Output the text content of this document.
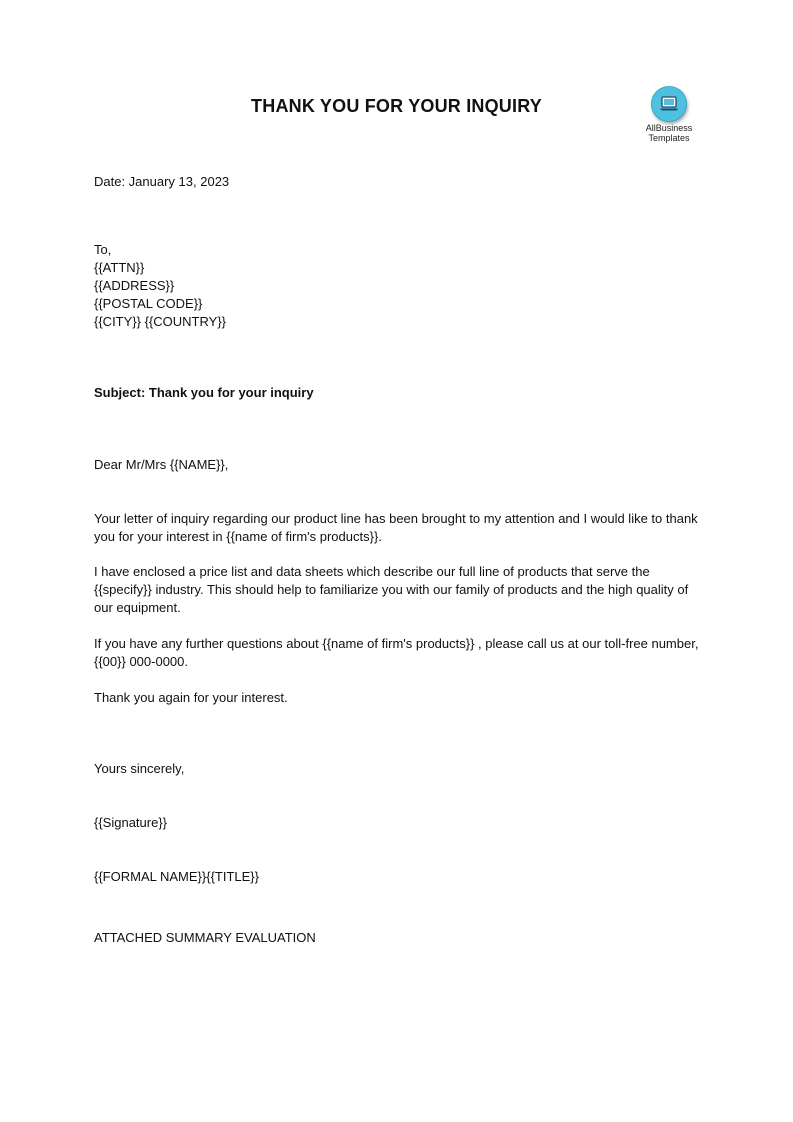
THANK YOU FOR YOUR INQUIRY
AllBusiness
Templates

Date: January 13, 2023

To,

{{ATTN}}

{{ADDRESS}}

{{POSTAL CODE}}

{{CITY}} {{COUNTRY}}

Subject: Thank you for your inquiry

Dear Mr/Mrs {{NAME}},

Your letter of inquiry regarding our product line has been brought to my attention and I would like to thank you for your interest in {{name of firm's products}}.

I have enclosed a price list and data sheets which describe our full line of products that serve the {{specify}} industry. This should help to familiarize you with our family of products and the high quality of our equipment.

If you have any further questions about {{name of firm's products}} , please call us at our toll-free number, {{00}} 000-0000.

Thank you again for your interest.

Yours sincerely,

{{Signature}}

{{FORMAL NAME}}{{TITLE}}

ATTACHED SUMMARY EVALUATION
